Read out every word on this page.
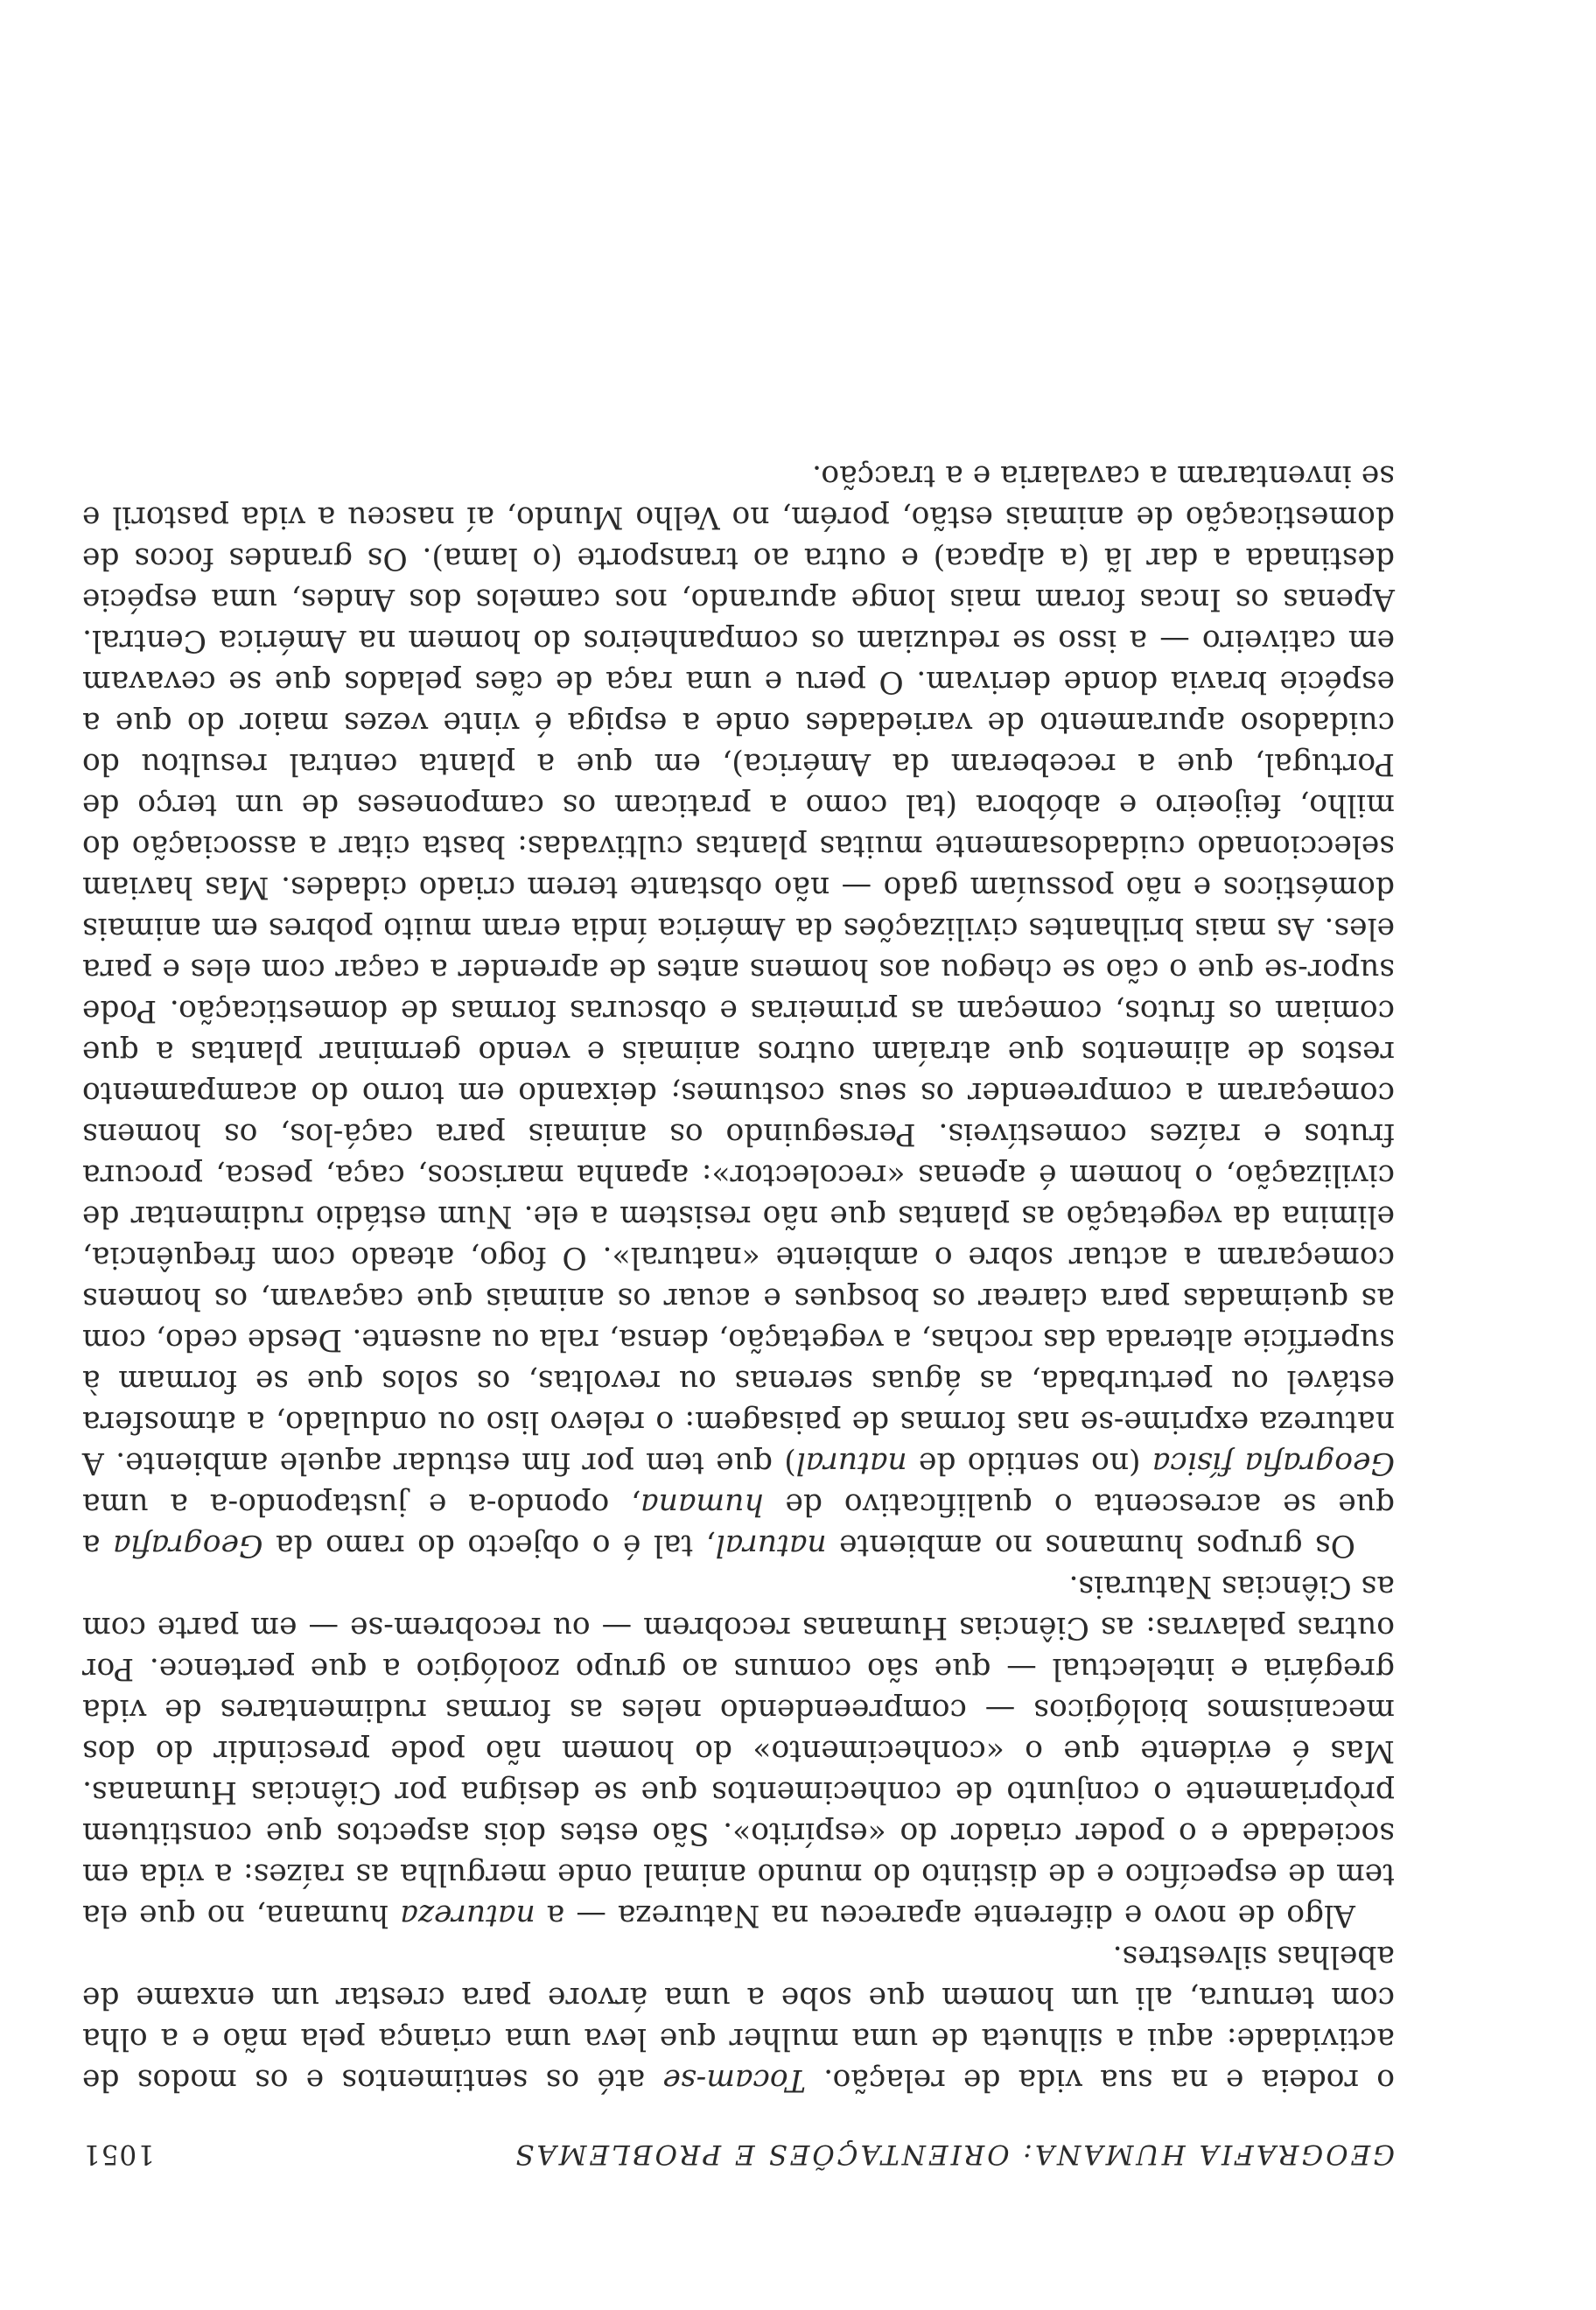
GEOGRAFIA HUMANA: ORIENTAÇÕES E PROBLEMAS
1051

o rodeia e na sua vida de relação. Tocam-se até os sentimentos e os modos de actividade: aqui a silhueta de uma mulher que leva uma criança pela mão e a olha com ternura, ali um homem que sobe a uma árvore para crestar um enxame de abelhas silvestres.

Algo de novo e diferente apareceu na Natureza — a natureza humana, no que ela tem de específico e de distinto do mundo animal onde mergulha as raízes: a vida em sociedade e o poder criador do «espírito». São estes dois aspectos que constituem pròpriamente o conjunto de conhecimentos que se designa por Ciências Humanas. Mas é evidente que o «conhecimento» do homem não pode prescindir do dos mecanismos biológicos — compreendendo neles as formas rudimentares de vida gregária e intelectual — que são comuns ao grupo zoológico a que pertence. Por outras palavras: as Ciências Humanas recobrem — ou recobrem-se — em parte com as Ciências Naturais.

Os grupos humanos no ambiente natural, tal é o objecto do ramo da Geografia a que se acrescenta o qualificativo de humana, opondo-a e justapondo-a a uma Geografia física (no sentido de natural) que tem por fim estudar aquele ambiente. A natureza exprime-se nas formas de paisagem: o relevo liso ou ondulado, a atmosfera estável ou perturbada, as águas serenas ou revoltas, os solos que se formam à superfície alterada das rochas, a vegetação, densa, rala ou ausente. Desde cedo, com as queimadas para clarear os bosques e acuar os animais que caçavam, os homens começaram a actuar sobre o ambiente «natural». O fogo, ateado com frequência, elimina da vegetação as plantas que não resistem a ele. Num estádio rudimentar de civilização, o homem é apenas «recolector»: apanha mariscos, caça, pesca, procura frutos e raízes comestíveis. Perseguindo os animais para caçá-los, os homens começaram a compreender os seus costumes; deixando em torno do acampamento restos de alimentos que atraíam outros animais e vendo germinar plantas a que comiam os frutos, começam as primeiras e obscuras formas de domesticação. Pode supor-se que o cão se chegou aos homens antes de aprender a caçar com eles e para eles. As mais brilhantes civilizações da América índia eram muito pobres em animais domésticos e não possuíam gado — não obstante terem criado cidades. Mas haviam seleccionado cuidadosamente muitas plantas cultivadas: basta citar a associação do milho, feijoeiro e abóbora (tal como a praticam os camponeses de um terço de Portugal, que a receberam da América), em que a planta central resultou do cuidadoso apuramento de variedades onde a espiga é vinte vezes maior do que a espécie bravia donde derivam. O peru e uma raça de cães pelados que se cevavam em cativeiro — a isso se reduziam os companheiros do homem na América Central. Apenas os Incas foram mais longe apurando, nos camelos dos Andes, uma espécie destinada a dar lã (a alpaca) e outra ao transporte (o lama). Os grandes focos de domesticação de animais estão, porém, no Velho Mundo, aí nasceu a vida pastoril e se inventaram a cavalaria e a tracção.
